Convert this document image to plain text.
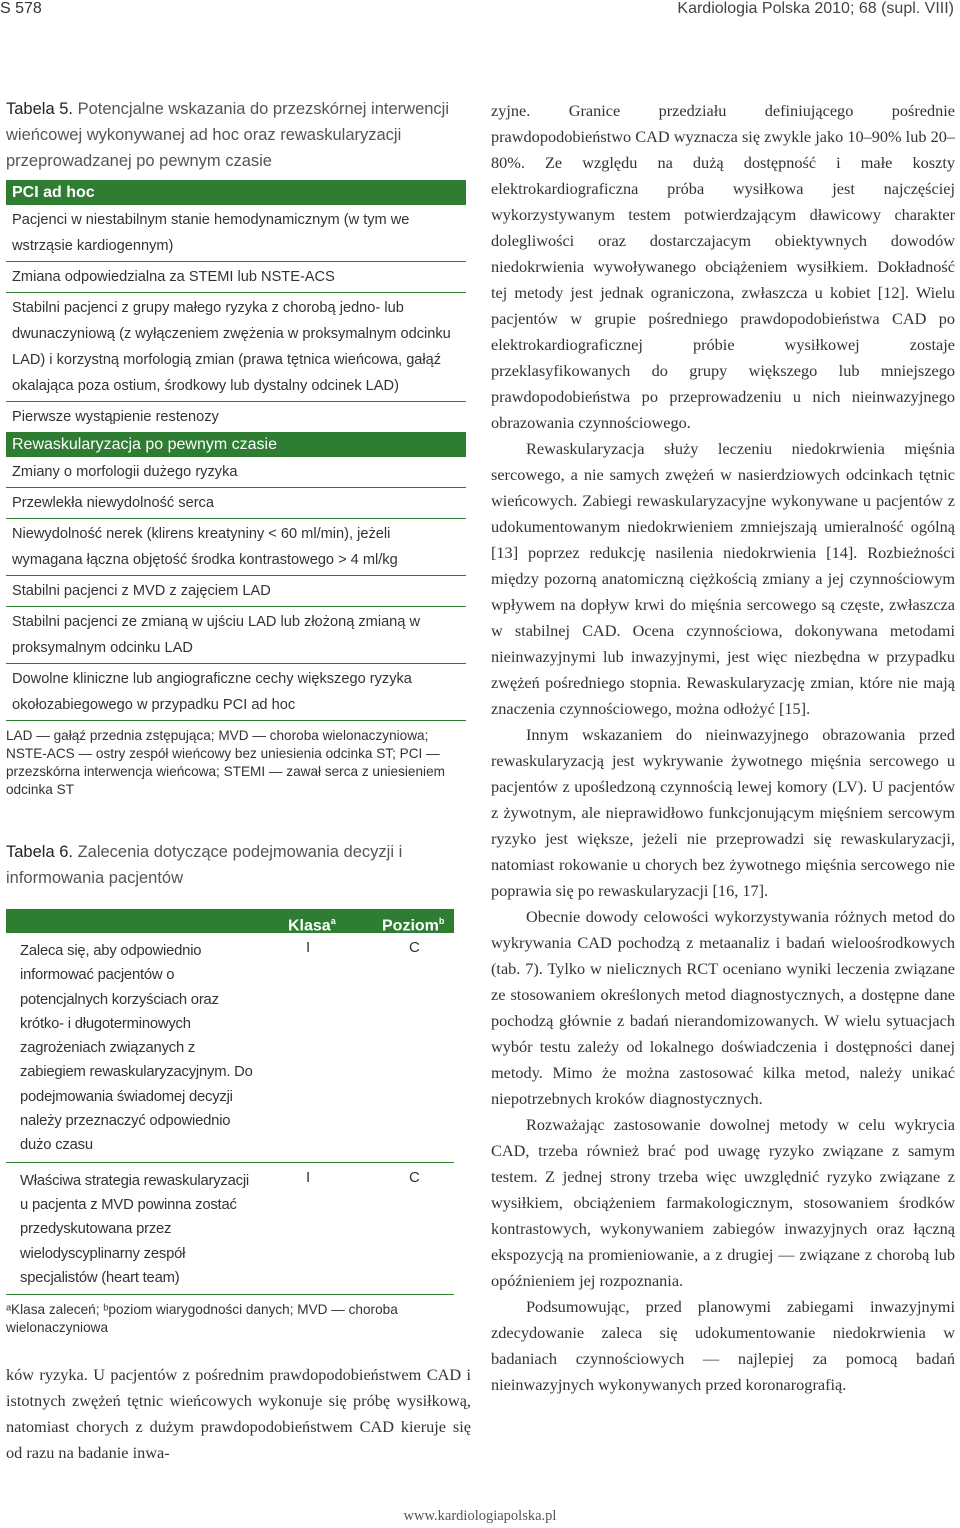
S 578	Kardiologia Polska 2010; 68 (supl. VIII)
Tabela 5. Potencjalne wskazania do przezskórnej interwencji wieńcowej wykonywanej ad hoc oraz rewaskularyzacji przeprowadzanej po pewnym czasie
PCI ad hoc
Pacjenci w niestabilnym stanie hemodynamicznym (w tym we wstrząsie kardiogennym)
Zmiana odpowiedzialna za STEMI lub NSTE-ACS
Stabilni pacjenci z grupy małego ryzyka z chorobą jedno- lub dwunaczyniową (z wyłączeniem zwężenia w proksymalnym odcinku LAD) i korzystną morfologią zmian (prawa tętnica wieńcowa, gałąź okalająca poza ostium, środkowy lub dystalny odcinek LAD)
Pierwsze wystąpienie restenozy
Rewaskularyzacja po pewnym czasie
Zmiany o morfologii dużego ryzyka
Przewlekła niewydolność serca
Niewydolność nerek (klirens kreatyniny < 60 ml/min), jeżeli wymagana łączna objętość środka kontrastowego > 4 ml/kg
Stabilni pacjenci z MVD z zajęciem LAD
Stabilni pacjenci ze zmianą w ujściu LAD lub złożoną zmianą w proksymalnym odcinku LAD
Dowolne kliniczne lub angiograficzne cechy większego ryzyka okołozabiegowego w przypadku PCI ad hoc
LAD — gałąź przednia zstępująca; MVD — choroba wielonaczyniowa; NSTE-ACS — ostry zespół wieńcowy bez uniesienia odcinka ST; PCI — przezskórna interwencja wieńcowa; STEMI — zawał serca z uniesieniem odcinka ST
Tabela 6. Zalecenia dotyczące podejmowania decyzji i informowania pacjentów
Klasa$^a$	Poziom$^b$
Zaleca się, aby odpowiednio informować pacjentów o potencjalnych korzyściach oraz krótko- i długoterminowych zagrożeniach związanych z zabiegiem rewaskularyzacyjnym. Do podejmowania świadomej decyzji należy przeznaczyć odpowiednio dużo czasu
I	C
Właściwa strategia rewaskularyzacji u pacjenta z MVD powinna zostać przedyskutowana przez wielodyscyplinarny zespół specjalistów (heart team)
I	C
ᵃKlasa zaleceń; ᵇpoziom wiarygodności danych; MVD — choroba wielonaczyniowa

ków ryzyka. U pacjentów z pośrednim prawdopodobieństwem CAD i istotnych zwężeń tętnic wieńcowych wykonuje się próbę wysiłkową, natomiast chorych z dużym prawdopodobieństwem CAD kieruje się od razu na badanie inwa-

zyjne. Granice przedziału definiującego pośrednie prawdopodobieństwo CAD wyznacza się zwykle jako 10–90% lub 20–80%. Ze względu na dużą dostępność i małe koszty elektrokardiograficzna próba wysiłkowa jest najczęściej wykorzystywanym testem potwierdzającym dławicowy charakter dolegliwości oraz dostarczajacym obiektywnych dowodów niedokrwienia wywoływanego obciążeniem wysiłkiem. Dokładność tej metody jest jednak ograniczona, zwłaszcza u kobiet [12]. Wielu pacjentów w grupie pośredniego prawdopodobieństwa CAD po elektrokardiograficznej próbie wysiłkowej zostaje przeklasyfikowanych do grupy większego lub mniejszego prawdopodobieństwa po przeprowadzeniu u nich nieinwazyjnego obrazowania czynnościowego.

Rewaskularyzacja służy leczeniu niedokrwienia mięśnia sercowego, a nie samych zwężeń w nasierdziowych odcinkach tętnic wieńcowych. Zabiegi rewaskularyzacyjne wykonywane u pacjentów z udokumentowanym niedokrwieniem zmniejszają umieralność ogólną [13] poprzez redukcję nasilenia niedokrwienia [14]. Rozbieżności między pozorną anatomiczną ciężkością zmiany a jej czynnościowym wpływem na dopływ krwi do mięśnia sercowego są częste, zwłaszcza w stabilnej CAD. Ocena czynnościowa, dokonywana metodami nieinwazyjnymi lub inwazyjnymi, jest więc niezbędna w przypadku zwężeń pośredniego stopnia. Rewaskularyzację zmian, które nie mają znaczenia czynnościowego, można odłożyć [15].

Innym wskazaniem do nieinwazyjnego obrazowania przed rewaskularyzacją jest wykrywanie żywotnego mięśnia sercowego u pacjentów z upośledzoną czynnością lewej komory (LV). U pacjentów z żywotnym, ale nieprawidłowo funkcjonującym mięśniem sercowym ryzyko jest większe, jeżeli nie przeprowadzi się rewaskularyzacji, natomiast rokowanie u chorych bez żywotnego mięśnia sercowego nie poprawia się po rewaskularyzacji [16, 17].

Obecnie dowody celowości wykorzystywania różnych metod do wykrywania CAD pochodzą z metaanaliz i badań wieloośrodkowych (tab. 7). Tylko w nielicznych RCT oceniano wyniki leczenia związane ze stosowaniem określonych metod diagnostycznych, a dostępne dane pochodzą głównie z badań nierandomizowanych. W wielu sytuacjach wybór testu zależy od lokalnego doświadczenia i dostępności danej metody. Mimo że można zastosować kilka metod, należy unikać niepotrzebnych kroków diagnostycznych.

Rozważając zastosowanie dowolnej metody w celu wykrycia CAD, trzeba również brać pod uwagę ryzyko związane z samym testem. Z jednej strony trzeba więc uwzględnić ryzyko związane z wysiłkiem, obciążeniem farmakologicznym, stosowaniem środków kontrastowych, wykonywaniem zabiegów inwazyjnych oraz łączną ekspozycją na promieniowanie, a z drugiej — związane z chorobą lub opóźnieniem jej rozpoznania.

Podsumowując, przed planowymi zabiegami inwazyjnymi zdecydowanie zaleca się udokumentowanie niedokrwienia w badaniach czynnościowych — najlepiej za pomocą badań nieinwazyjnych wykonywanych przed koronarografią.

www.kardiologiapolska.pl
